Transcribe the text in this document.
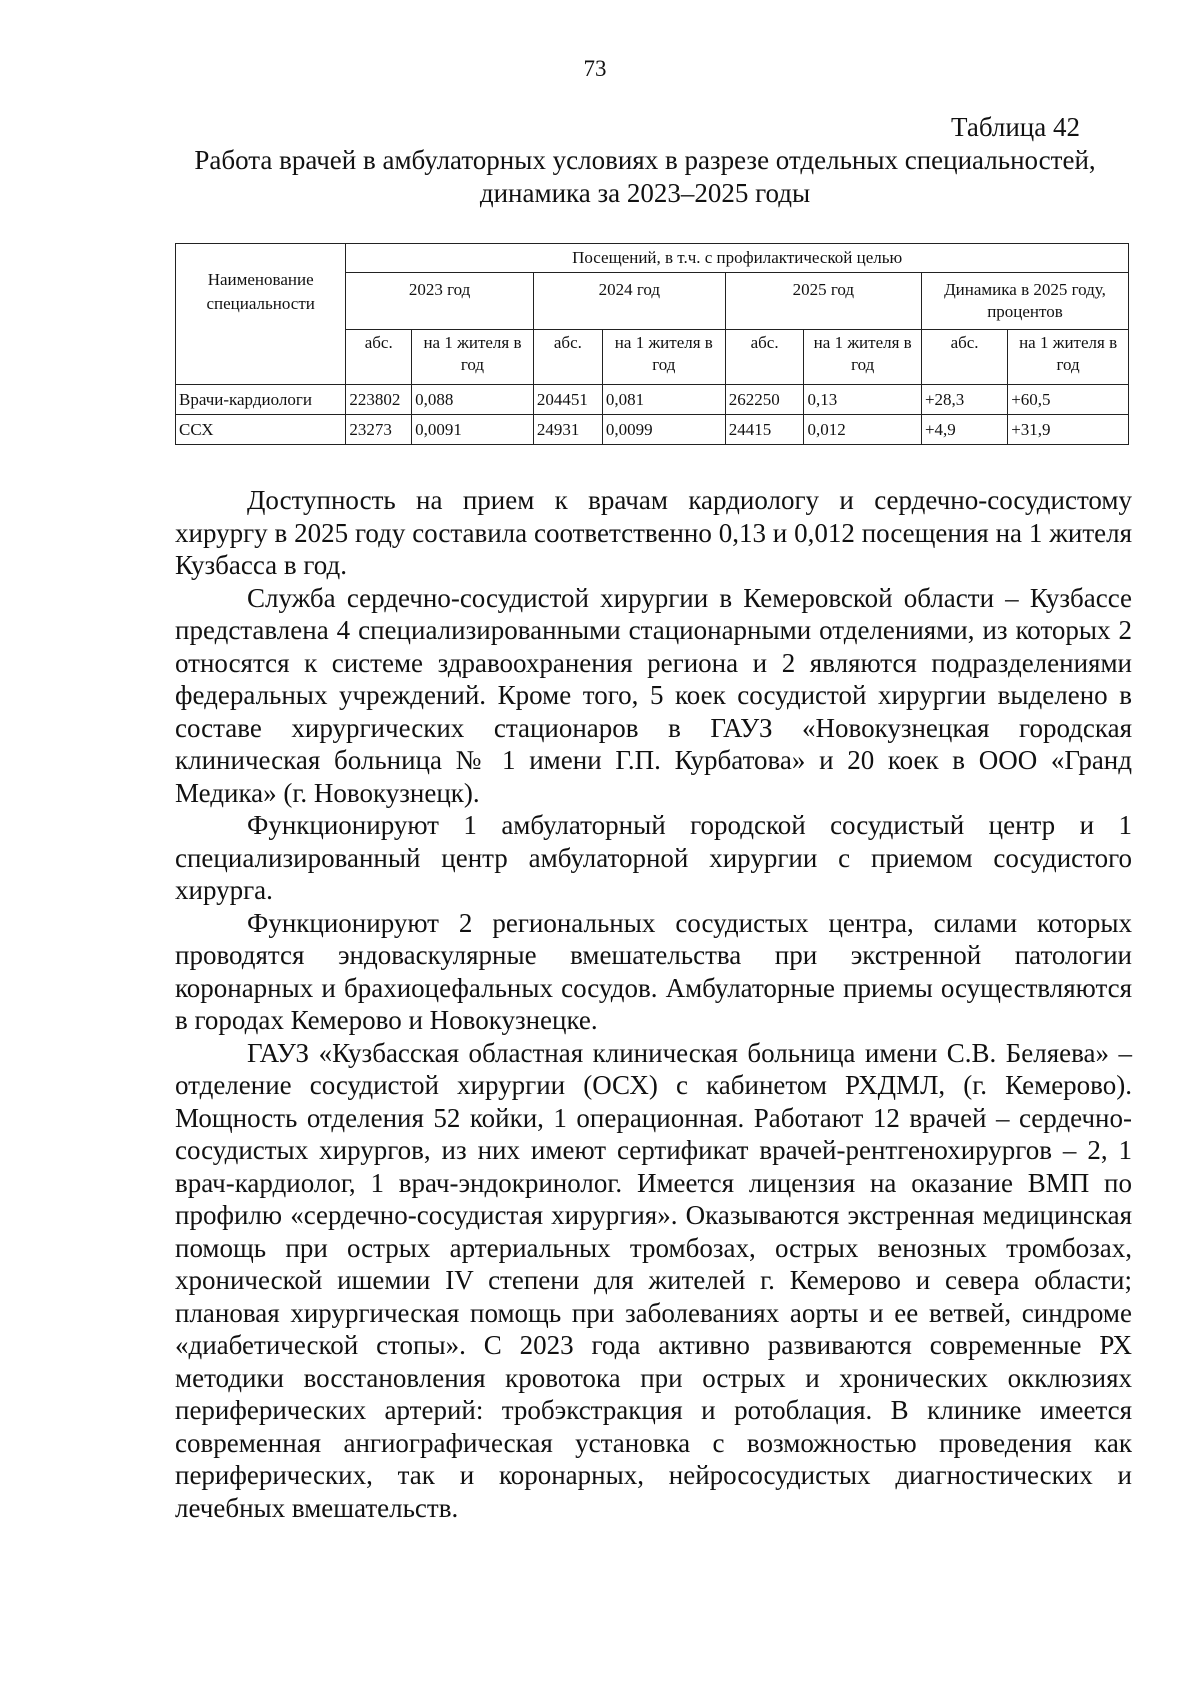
73
Таблица 42
Работа врачей в амбулаторных условиях в разрезе отдельных специальностей, динамика за 2023–2025 годы
Наименование специальности	Посещений, в т.ч. с профилактической целью							
	2023 год		2024 год		2025 год		Динамика в 2025 году, процентов	
	абс.	на 1 жителя в год	абс.	на 1 жителя в год	абс.	на 1 жителя в год	абс.	на 1 жителя в год
Врачи-кардиологи	223802	0,088	204451	0,081	262250	0,13	+28,3	+60,5
ССХ	23273	0,0091	24931	0,0099	24415	0,012	+4,9	+31,9

Доступность на прием к врачам кардиологу и сердечно-сосудистому хирургу в 2025 году составила соответственно 0,13 и 0,012 посещения на 1 жителя Кузбасса в год.

Служба сердечно-сосудистой хирургии в Кемеровской области – Кузбассе представлена 4 специализированными стационарными отделениями, из которых 2 относятся к системе здравоохранения региона и 2 являются подразделениями федеральных учреждений. Кроме того, 5 коек сосудистой хирургии выделено в составе хирургических стационаров в ГАУЗ «Новокузнецкая городская клиническая больница № 1 имени Г.П. Курбатова» и 20 коек в ООО «Гранд Медика» (г. Новокузнецк).

Функционируют 1 амбулаторный городской сосудистый центр и 1 специализированный центр амбулаторной хирургии с приемом сосудистого хирурга.

Функционируют 2 региональных сосудистых центра, силами которых проводятся эндоваскулярные вмешательства при экстренной патологии коронарных и брахиоцефальных сосудов. Амбулаторные приемы осуществляются в городах Кемерово и Новокузнецке.

ГАУЗ «Кузбасская областная клиническая больница имени С.В. Беляева» – отделение сосудистой хирургии (ОСХ) с кабинетом РХДМЛ, (г. Кемерово). Мощность отделения 52 койки, 1 операционная. Работают 12 врачей – сердечно-сосудистых хирургов, из них имеют сертификат врачей-рентгенохирургов – 2, 1 врач-кардиолог, 1 врач-эндокринолог. Имеется лицензия на оказание ВМП по профилю «сердечно-сосудистая хирургия». Оказываются экстренная медицинская помощь при острых артериальных тромбозах, острых венозных тромбозах, хронической ишемии IV степени для жителей г. Кемерово и севера области; плановая хирургическая помощь при заболеваниях аорты и ее ветвей, синдроме «диабетической стопы». С 2023 года активно развиваются современные РХ методики восстановления кровотока при острых и хронических окклюзиях периферических артерий: тробэкстракция и ротоблация. В клинике имеется современная ангиографическая установка с возможностью проведения как периферических, так и коронарных, нейрососудистых диагностических и лечебных вмешательств.
